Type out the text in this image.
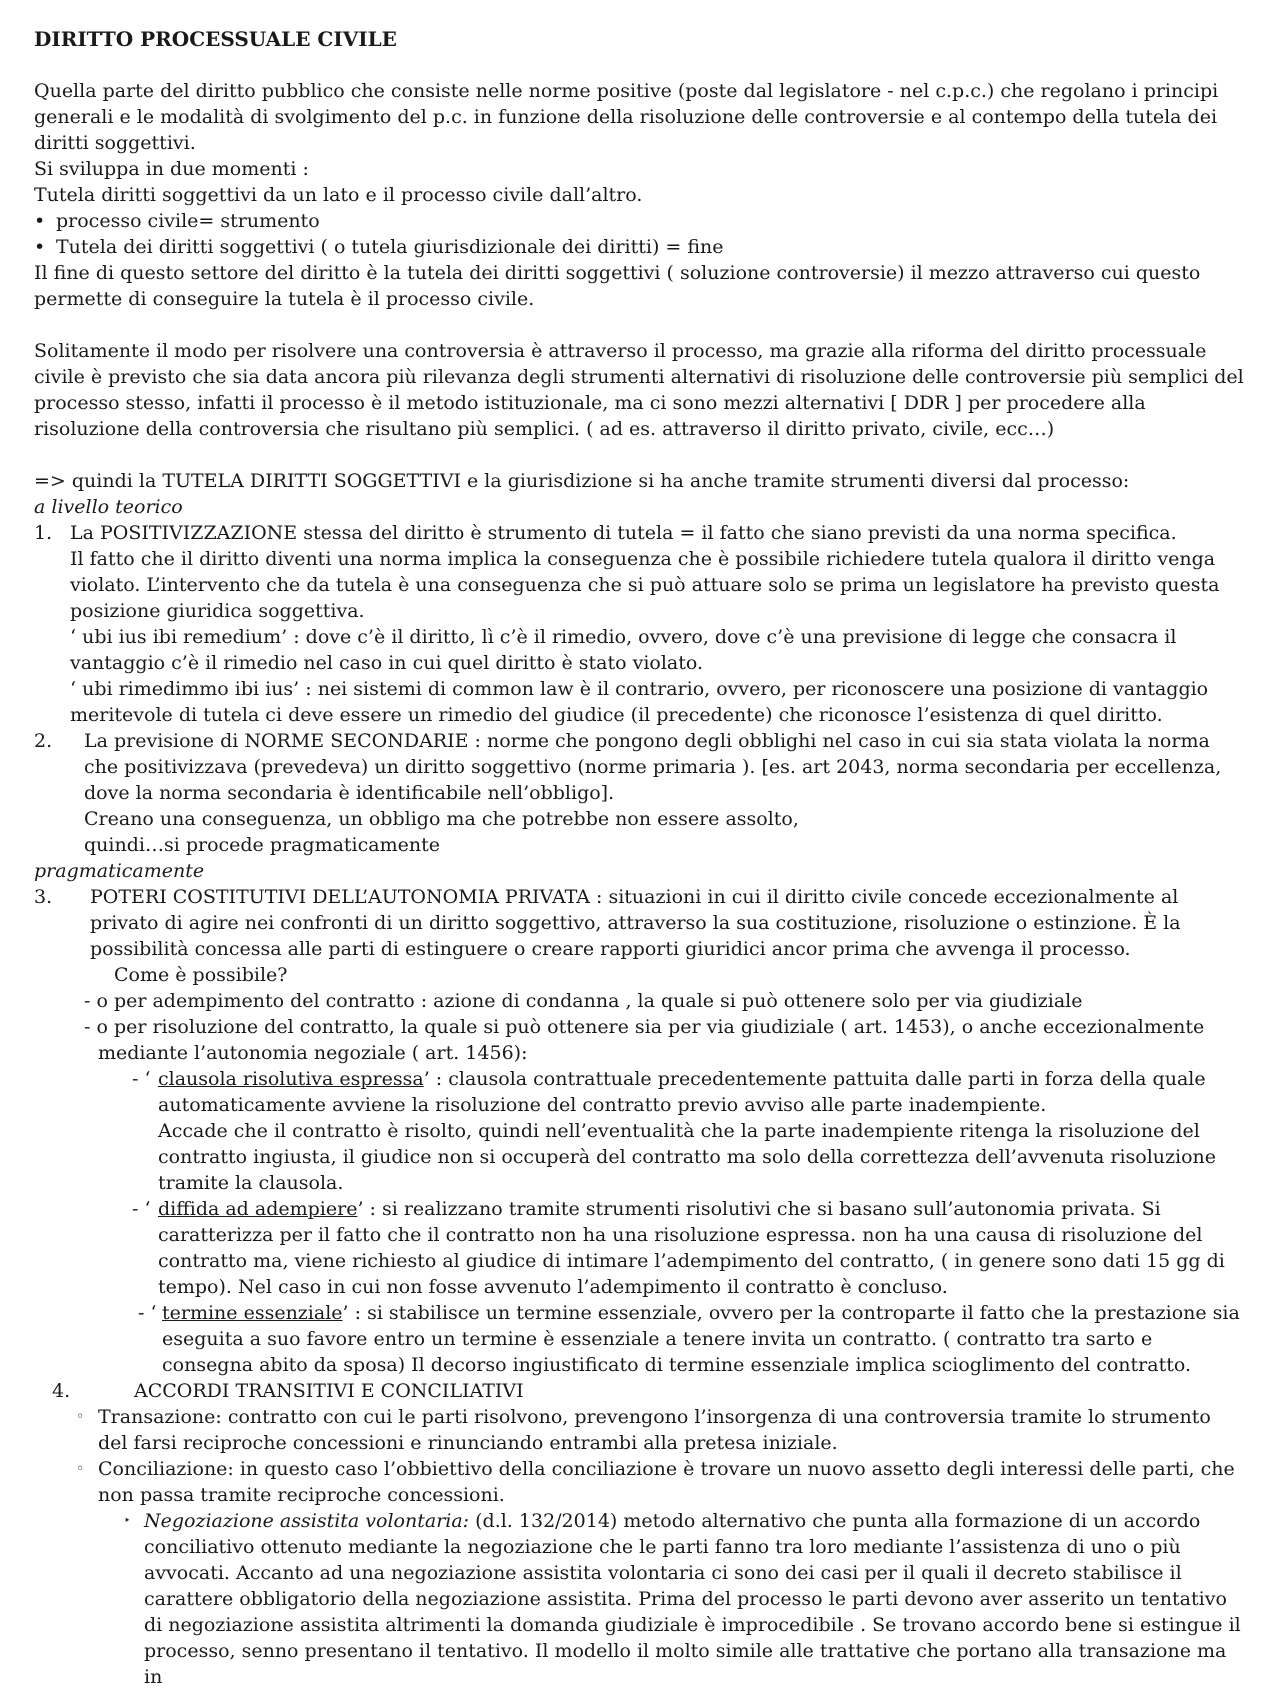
DIRITTO PROCESSUALE CIVILE

Quella parte del diritto pubblico che consiste nelle norme positive (poste dal legislatore - nel c.p.c.) che regolano i principi generali e le modalità di svolgimento del p.c. in funzione della risoluzione delle controversie e al contempo della tutela dei diritti soggettivi.

Si sviluppa in due momenti :

Tutela diritti soggettivi da un lato e il processo civile dall’altro.

• processo civile= strumento
• Tutela dei diritti soggettivi ( o tutela giurisdizionale dei diritti) = fine

Il fine di questo settore del diritto è la tutela dei diritti soggettivi ( soluzione controversie) il mezzo attraverso cui questo permette di conseguire la tutela è il processo civile.

Solitamente il modo per risolvere una controversia è attraverso il processo, ma grazie alla riforma del diritto processuale civile è previsto che sia data ancora più rilevanza degli strumenti alternativi di risoluzione delle controversie più semplici del processo stesso, infatti il processo è il metodo istituzionale, ma ci sono mezzi alternativi [ DDR ] per procedere alla risoluzione della controversia che risultano più semplici. ( ad es. attraverso il diritto privato, civile, ecc…)

=> quindi la TUTELA DIRITTI SOGGETTIVI e la giurisdizione si ha anche tramite strumenti diversi dal processo:

a livello teorico

1. La POSITIVIZZAZIONE stessa del diritto è strumento di tutela = il fatto che siano previsti da una norma specifica.

Il fatto che il diritto diventi una norma implica la conseguenza che è possibile richiedere tutela qualora il diritto venga violato. L’intervento che da tutela è una conseguenza che si può attuare solo se prima un legislatore ha previsto questa posizione giuridica soggettiva.

‘ ubi ius ibi remedium’ : dove c’è il diritto, lì c’è il rimedio, ovvero, dove c’è una previsione di legge che consacra il vantaggio c’è il rimedio nel caso in cui quel diritto è stato violato.

‘ ubi rimedimmo ibi ius’ : nei sistemi di common law è il contrario, ovvero, per riconoscere una posizione di vantaggio meritevole di tutela ci deve essere un rimedio del giudice (il precedente) che riconosce l’esistenza di quel diritto.

2. La previsione di NORME SECONDARIE : norme che pongono degli obblighi nel caso in cui sia stata violata la norma che positivizzava (prevedeva) un diritto soggettivo (norme primaria ). [es. art 2043, norma secondaria per eccellenza, dove la norma secondaria è identificabile nell’obbligo].

Creano una conseguenza, un obbligo ma che potrebbe non essere assolto,

quindi…si procede pragmaticamente

pragmaticamente

3. POTERI COSTITUTIVI DELL’AUTONOMIA PRIVATA : situazioni in cui il diritto civile concede eccezionalmente al privato di agire nei confronti di un diritto soggettivo, attraverso la sua costituzione, risoluzione o estinzione. È la possibilità concessa alle parti di estinguere o creare rapporti giuridici ancor prima che avvenga il processo.

Come è possibile?

- o per adempimento del contratto : azione di condanna , la quale si può ottenere solo per via giudiziale

- o per risoluzione del contratto, la quale si può ottenere sia per via giudiziale ( art. 1453), o anche eccezionalmente mediante l’autonomia negoziale ( art. 1456):

- ‘ clausola risolutiva espressa’ : clausola contrattuale precedentemente pattuita dalle parti in forza della quale automaticamente avviene la risoluzione del contratto previo avviso alle parte inadempiente.

Accade che il contratto è risolto, quindi nell’eventualità che la parte inadempiente ritenga la risoluzione del contratto ingiusta, il giudice non si occuperà del contratto ma solo della correttezza dell’avvenuta risoluzione tramite la clausola.

- ‘ diffida ad adempiere’ : si realizzano tramite strumenti risolutivi che si basano sull’autonomia privata. Si caratterizza per il fatto che il contratto non ha una risoluzione espressa. non ha una causa di risoluzione del contratto ma, viene richiesto al giudice di intimare l’adempimento del contratto, ( in genere sono dati 15 gg di tempo). Nel caso in cui non fosse avvenuto l’adempimento il contratto è concluso.
- ‘ termine essenziale’ : si stabilisce un termine essenziale, ovvero per la controparte il fatto che la prestazione sia eseguita a suo favore entro un termine è essenziale a tenere invita un contratto. ( contratto tra sarto e consegna abito da sposa) Il decorso ingiustificato di termine essenziale implica scioglimento del contratto.
4.	ACCORDI TRANSITIVI E CONCILIATIVI
◦ Transazione: contratto con cui le parti risolvono, prevengono l’insorgenza di una controversia tramite lo strumento del farsi reciproche concessioni e rinunciando entrambi alla pretesa iniziale.
◦ Conciliazione: in questo caso l’obbiettivo della conciliazione è trovare un nuovo assetto degli interessi delle parti, che non passa tramite reciproche concessioni.
‣ Negoziazione assistita volontaria: (d.l. 132/2014) metodo alternativo che punta alla formazione di un accordo conciliativo ottenuto mediante la negoziazione che le parti fanno tra loro mediante l’assistenza di uno o più avvocati. Accanto ad una negoziazione assistita volontaria ci sono dei casi per il quali il decreto stabilisce il carattere obbligatorio della negoziazione assistita. Prima del processo le parti devono aver asserito un tentativo di negoziazione assistita altrimenti la domanda giudiziale è improcedibile . Se trovano accordo bene si estingue il processo, senno presentano il tentativo. Il modello il molto simile alle trattative che portano alla transazione ma in
